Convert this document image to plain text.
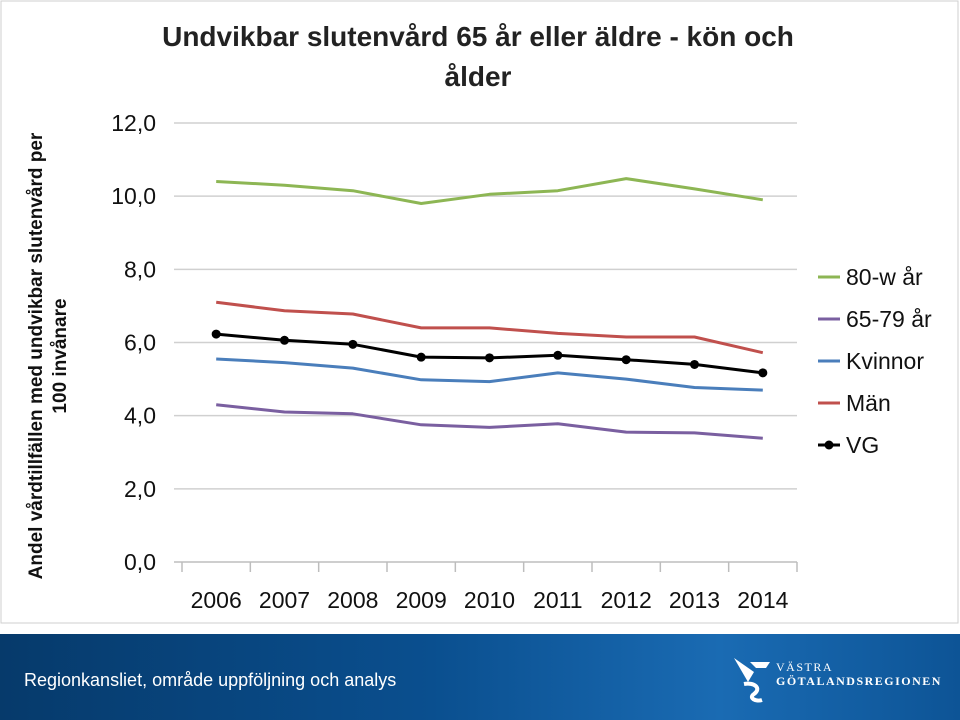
Undvikbar slutenvård 65 år eller äldre - kön och
ålder
Andel vårdtillfällen med undvikbar slutenvård per 100 invånare
0,0
2,0
4,0
6,0
8,0
10,0
12,0
2006 2007 2008 2009 2010 2011 2012 2013 2014
80-w år
65-79 år
Kvinnor
Män
VG
Regionkansliet, område uppföljning och analys
VÄSTRA
GÖTALANDSREGIONEN
